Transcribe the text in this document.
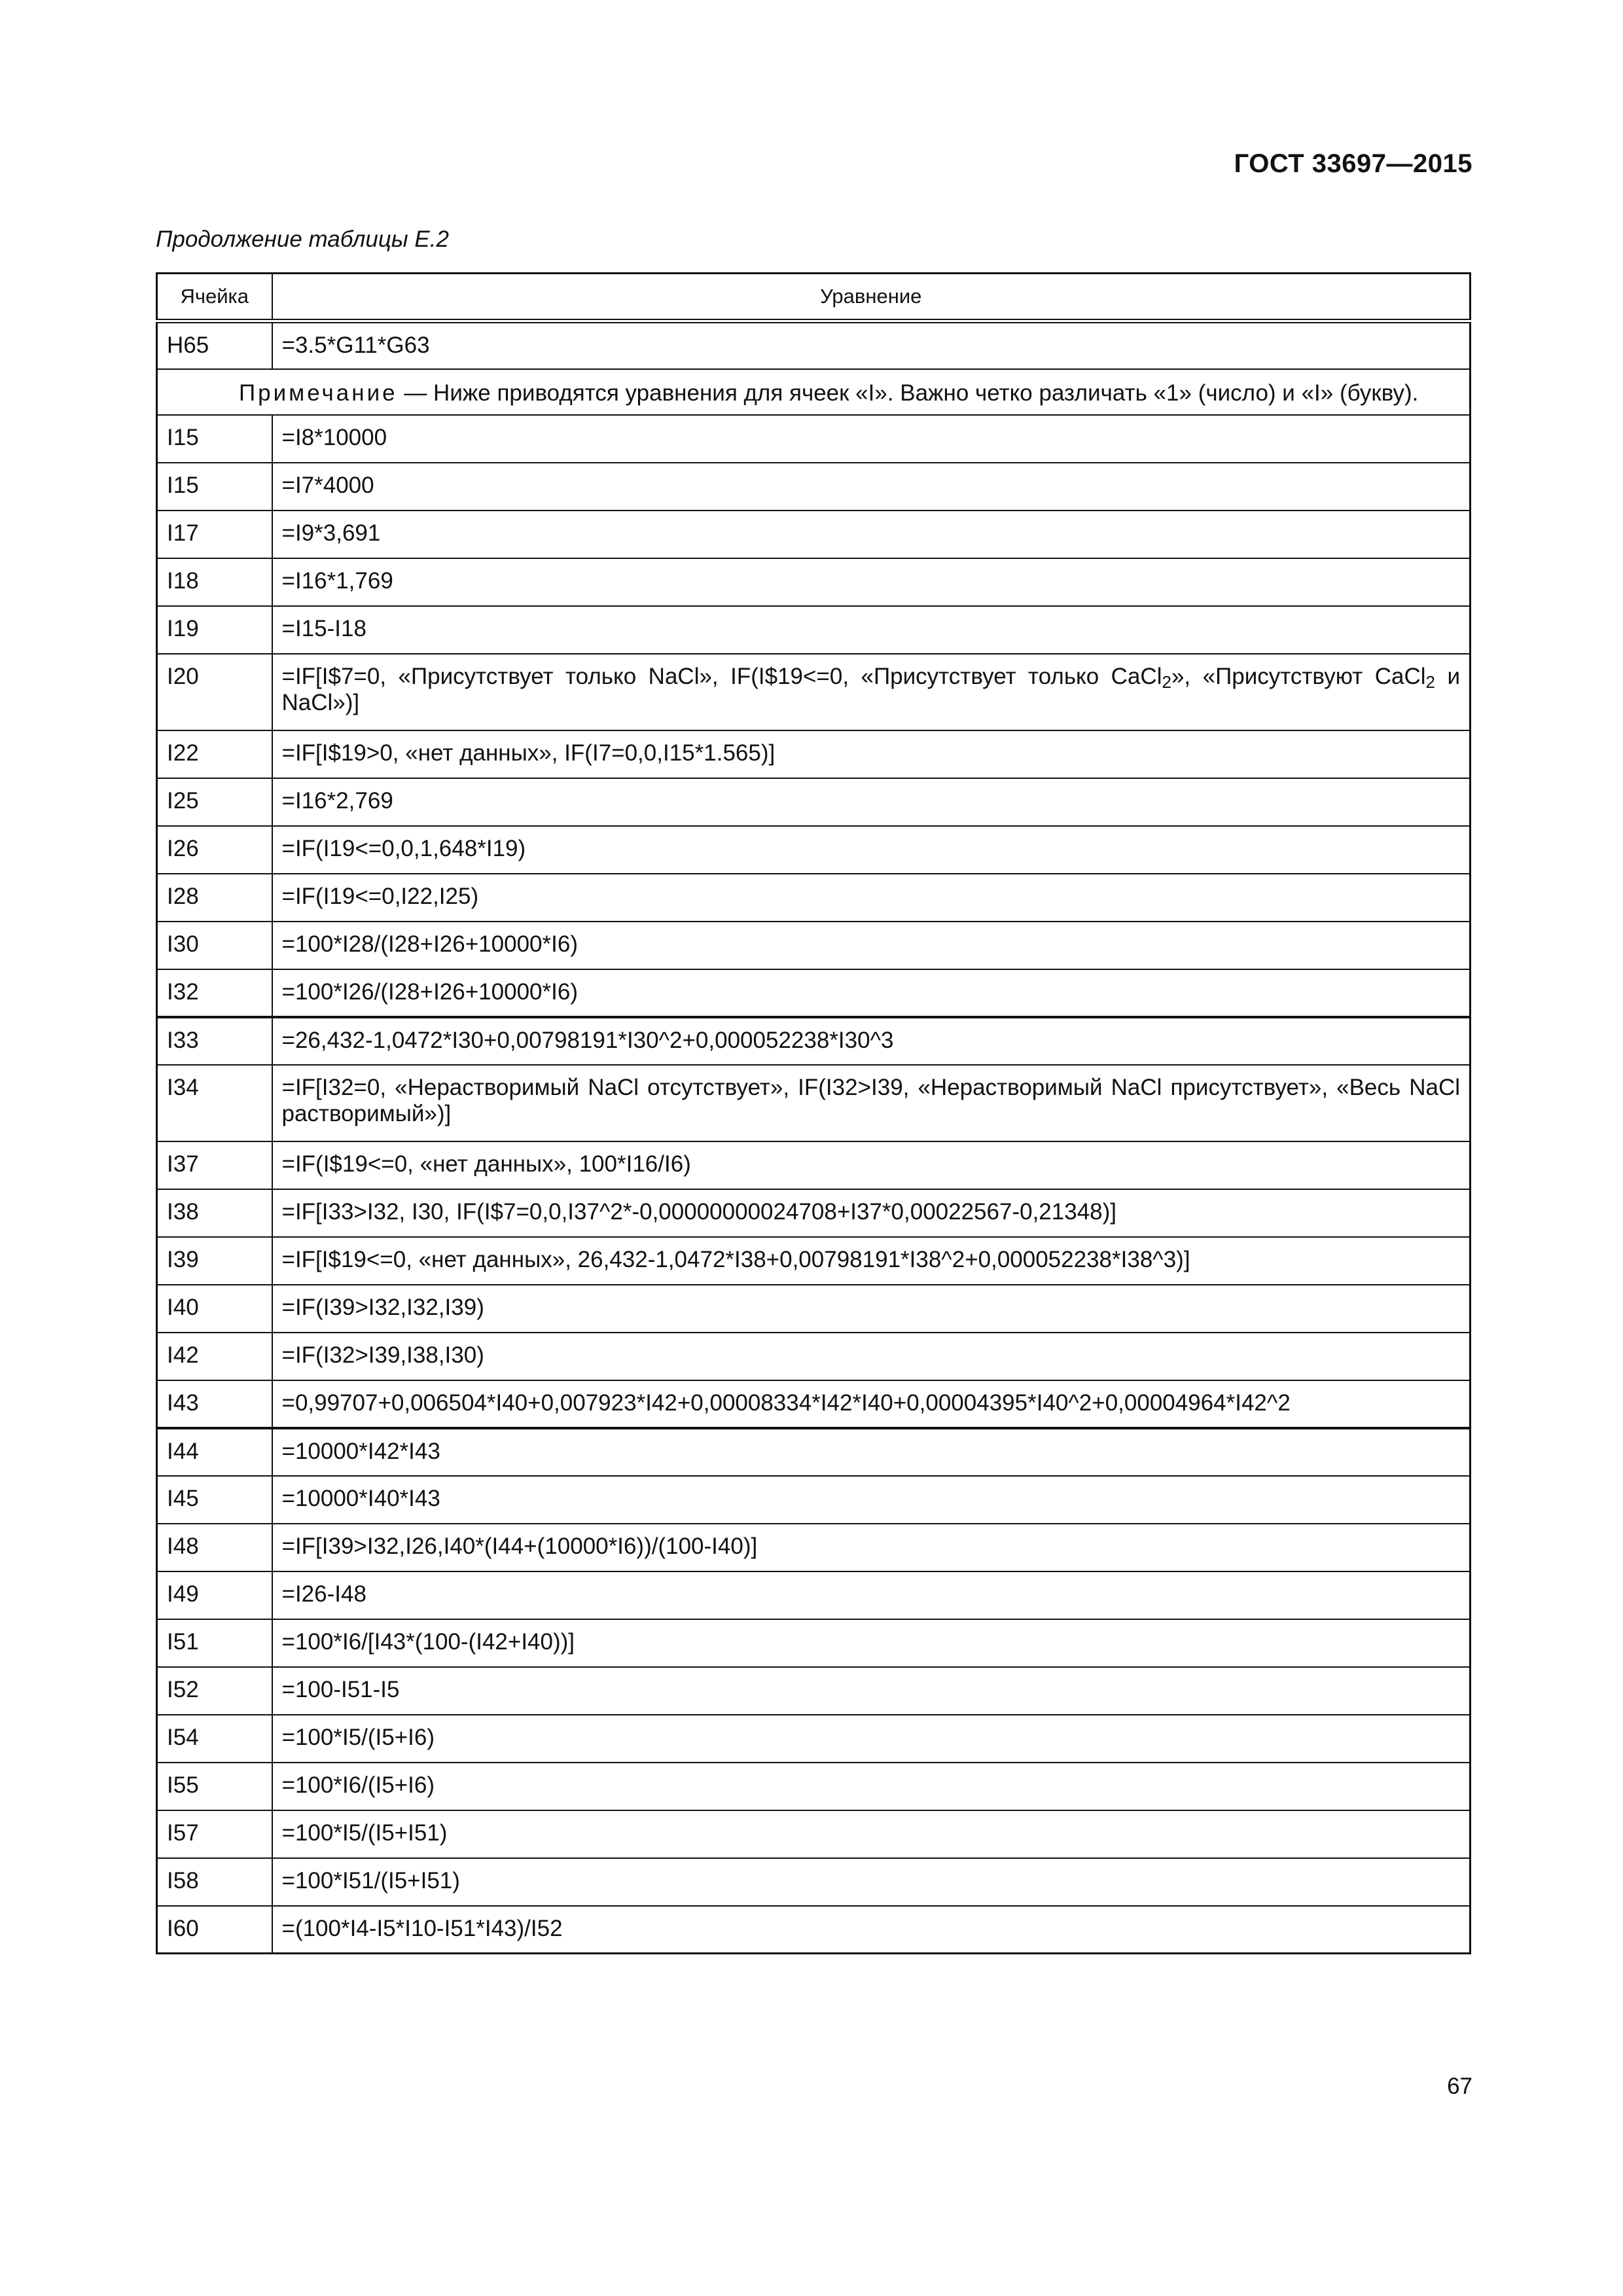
ГОСТ 33697—2015
Продолжение таблицы Е.2
Ячейка	Уравнение
H65	=3.5*G11*G63
Примечание — Ниже приводятся уравнения для ячеек «I». Важно четко различать «1» (число) и «I» (букву).	
I15	=I8*10000
I15	=I7*4000
I17	=I9*3,691
I18	=I16*1,769
I19	=I15-I18
I20	=IF[I$7=0, «Присутствует только NaCl», IF(I$19<=0, «Присутствует только CaCl$_2$», «Присутствуют CaCl$_2$ и NaCl»)]
I22	=IF[I$19>0, «нет данных», IF(I7=0,0,I15*1.565)]
I25	=I16*2,769
I26	=IF(I19<=0,0,1,648*I19)
I28	=IF(I19<=0,I22,I25)
I30	=100*I28/(I28+I26+10000*I6)
I32	=100*I26/(I28+I26+10000*I6)
I33	=26,432-1,0472*I30+0,00798191*I30^2+0,000052238*I30^3
I34	=IF[I32=0, «Нерастворимый NaCl отсутствует», IF(I32>I39, «Нерастворимый NaCl присутствует», «Весь NaCl растворимый»)]
I37	=IF(I$19<=0, «нет данных», 100*I16/I6)
I38	=IF[I33>I32, I30, IF(I$7=0,0,I37^2*-0,00000000024708+I37*0,00022567-0,21348)]
I39	=IF[I$19<=0, «нет данных», 26,432-1,0472*I38+0,00798191*I38^2+0,000052238*I38^3)]
I40	=IF(I39>I32,I32,I39)
I42	=IF(I32>I39,I38,I30)
I43	=0,99707+0,006504*I40+0,007923*I42+0,00008334*I42*I40+0,00004395*I40^2+0,00004964*I42^2
I44	=10000*I42*I43
I45	=10000*I40*I43
I48	=IF[I39>I32,I26,I40*(I44+(10000*I6))/(100-I40)]
I49	=I26-I48
I51	=100*I6/[I43*(100-(I42+I40))]
I52	=100-I51-I5
I54	=100*I5/(I5+I6)
I55	=100*I6/(I5+I6)
I57	=100*I5/(I5+I51)
I58	=100*I51/(I5+I51)
I60	=(100*I4-I5*I10-I51*I43)/I52
67
